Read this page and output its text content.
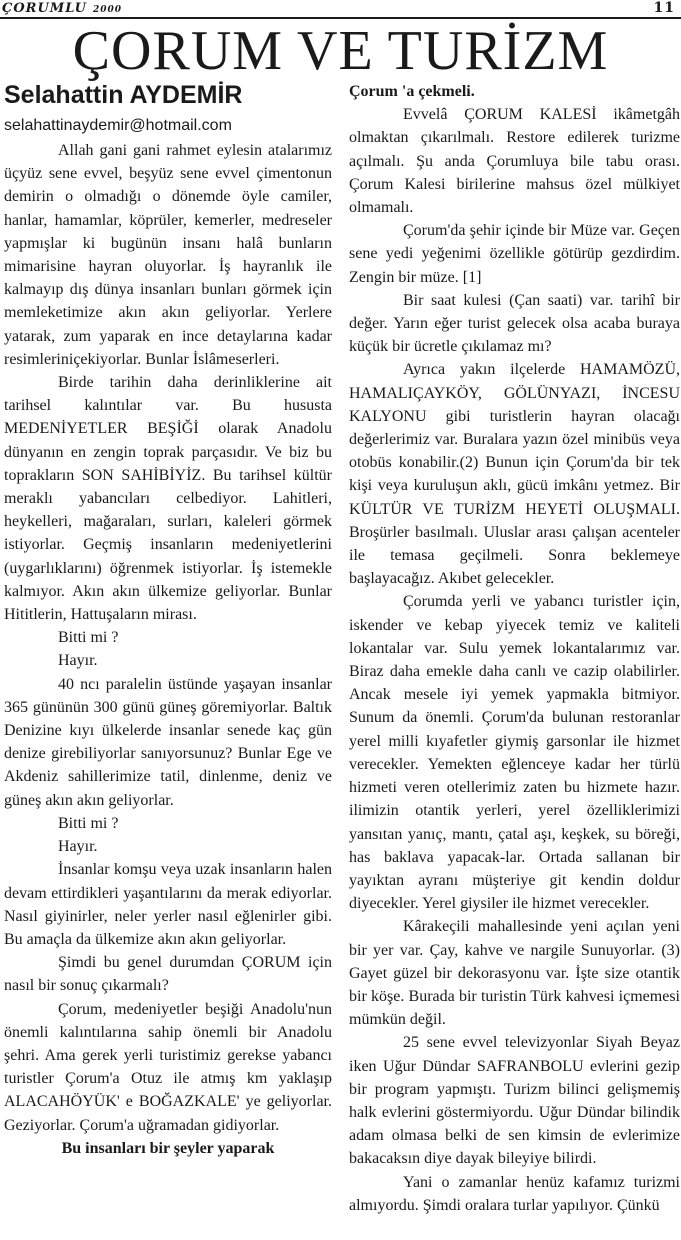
ÇORUMLU 2000	11
ÇORUM VE TURİZM
Selahattin AYDEMİR
selahattinaydemir@hotmail.com

Allah gani gani rahmet eylesin atalarımız üçyüz sene evvel, beşyüz sene evvel çimentonun demirin o olmadığı o dönemde öyle camiler, hanlar, hamamlar, köprüler, kemerler, medreseler yapmışlar ki bugünün insanı halâ bunların mimarisine hayran oluyorlar. İş hayranlık ile kalmayıp dış dünya insanları bunları görmek için memleketimize akın akın geliyorlar. Yerlere yatarak, zum yaparak en ince detaylarına kadar resimleriniçekiyorlar. Bunlar İslâmeserleri.

Birde tarihin daha derinliklerine ait tarihsel kalıntılar var. Bu hususta MEDENİYETLER BEŞİĞİ olarak Anadolu dünyanın en zengin toprak parçasıdır. Ve biz bu toprakların SON SAHİBİYİZ. Bu tarihsel kültür meraklı yabancıları celbediyor. Lahitleri, heykelleri, mağaraları, surları, kaleleri görmek istiyorlar. Geçmiş insanların medeniyetlerini (uygarlıklarını) öğrenmek istiyorlar. İş istemekle kalmıyor. Akın akın ülkemize geliyorlar. Bunlar Hititlerin, Hattuşaların mirası.

Bitti mi ?

Hayır.

40 ncı paralelin üstünde yaşayan insanlar 365 gününün 300 günü güneş göremiyorlar. Baltık Denizine kıyı ülkelerde insanlar senede kaç gün denize girebiliyorlar sanıyorsunuz? Bunlar Ege ve Akdeniz sahillerimize tatil, dinlenme, deniz ve güneş akın akın geliyorlar.

Bitti mi ?

Hayır.

İnsanlar komşu veya uzak insanların halen devam ettirdikleri yaşantılarını da merak ediyorlar. Nasıl giyinirler, neler yerler nasıl eğlenirler gibi. Bu amaçla da ülkemize akın akın geliyorlar.

Şimdi bu genel durumdan ÇORUM için nasıl bir sonuç çıkarmalı?

Çorum, medeniyetler beşiği Anadolu'nun önemli kalıntılarına sahip önemli bir Anadolu şehri. Ama gerek yerli turistimiz gerekse yabancı turistler Çorum'a Otuz ile atmış km yaklaşıp ALACAHÖYÜK' e BOĞAZKALE' ye geliyorlar. Geziyorlar. Çorum'a uğramadan gidiyorlar.

Bu insanları bir şeyler yaparak

Çorum 'a çekmeli.

Evvelâ ÇORUM KALESİ ikâmetgâh olmaktan çıkarılmalı. Restore edilerek turizme açılmalı. Şu anda Çorumluya bile tabu orası. Çorum Kalesi birilerine mahsus özel mülkiyet olmamalı.

Çorum'da şehir içinde bir Müze var. Geçen sene yedi yeğenimi özellikle götürüp gezdirdim. Zengin bir müze. [1]

Bir saat kulesi (Çan saati) var. tarihî bir değer. Yarın eğer turist gelecek olsa acaba buraya küçük bir ücretle çıkılamaz mı?

Ayrıca yakın ilçelerde HAMAMÖZÜ, HAMALIÇAYKÖY, GÖLÜNYAZI, İNCESU KALYONU gibi turistlerin hayran olacağı değerlerimiz var. Buralara yazın özel minibüs veya otobüs konabilir.(2) Bunun için Çorum'da bir tek kişi veya kuruluşun aklı, gücü imkânı yetmez. Bir KÜLTÜR VE TURİZM HEYETİ OLUŞMALI. Broşürler basılmalı. Uluslar arası çalışan acenteler ile temasa geçilmeli. Sonra beklemeye başlayacağız. Akıbet gelecekler.

Çorumda yerli ve yabancı turistler için, iskender ve kebap yiyecek temiz ve kaliteli lokantalar var. Sulu yemek lokantalarımız var. Biraz daha emekle daha canlı ve cazip olabilirler. Ancak mesele iyi yemek yapmakla bitmiyor. Sunum da önemli. Çorum'da bulunan restoranlar yerel milli kıyafetler giymiş garsonlar ile hizmet verecekler. Yemekten eğlenceye kadar her türlü hizmeti veren otellerimiz zaten bu hizmete hazır. ilimizin otantik yerleri, yerel özelliklerimizi yansıtan yanıç, mantı, çatal aşı, keşkek, su böreği, has baklava yapacak-lar. Ortada sallanan bir yayıktan ayranı müşteriye git kendin doldur diyecekler. Yerel giysiler ile hizmet verecekler.

Kârakeçili mahallesinde yeni açılan yeni bir yer var. Çay, kahve ve nargile Sunuyorlar. (3) Gayet güzel bir dekorasyonu var. İşte size otantik bir köşe. Burada bir turistin Türk kahvesi içmemesi mümkün değil.

25 sene evvel televizyonlar Siyah Beyaz iken Uğur Dündar SAFRANBOLU evlerini gezip bir program yapmıştı. Turizm bilinci gelişmemiş halk evlerini göstermiyordu. Uğur Dündar bilindik adam olmasa belki de sen kimsin de evlerimize bakacaksın diye dayak bileyiye bilirdi.

Yani o zamanlar henüz kafamız turizmi almıyordu. Şimdi oralara turlar yapılıyor. Çünkü
